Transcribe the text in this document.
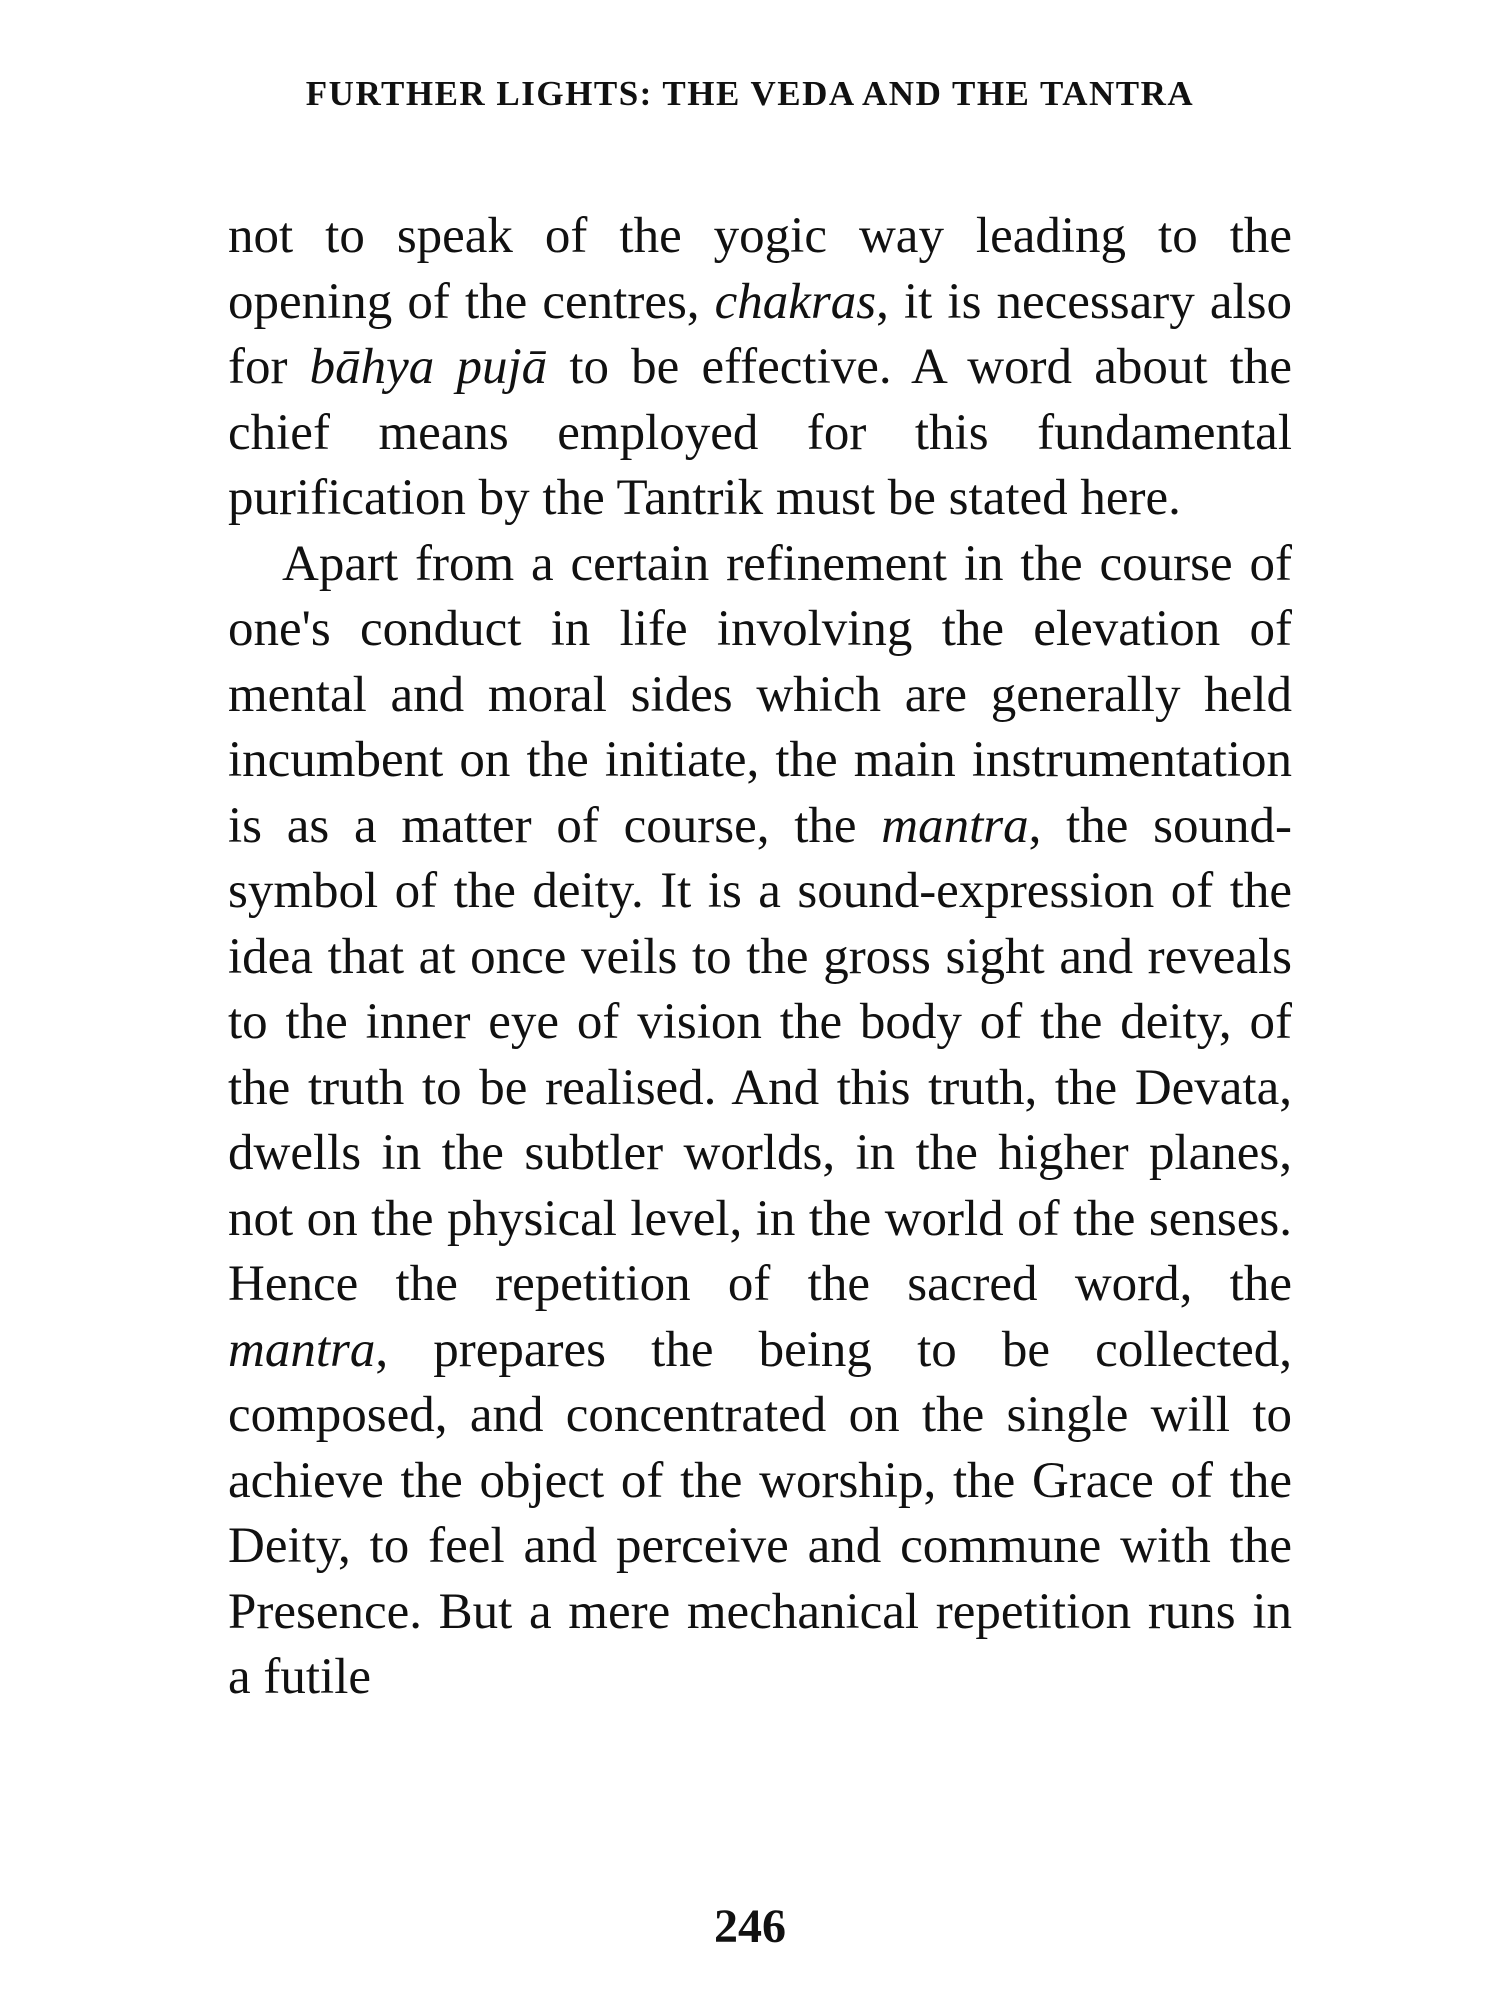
FURTHER LIGHTS: THE VEDA AND THE TANTRA

not to speak of the yogic way leading to the opening of the centres, chakras, it is necessary also for bāhya pujā to be effective. A word about the chief means employed for this fundamental purification by the Tantrik must be stated here.

Apart from a certain refinement in the course of one's conduct in life involving the elevation of mental and moral sides which are generally held incumbent on the initiate, the main instrumentation is as a matter of course, the mantra, the sound-symbol of the deity. It is a sound-expression of the idea that at once veils to the gross sight and reveals to the inner eye of vision the body of the deity, of the truth to be realised. And this truth, the Devata, dwells in the subtler worlds, in the higher planes, not on the physical level, in the world of the senses. Hence the repetition of the sacred word, the mantra, prepares the being to be collected, composed, and concentrated on the single will to achieve the object of the worship, the Grace of the Deity, to feel and perceive and commune with the Presence. But a mere mechanical repetition runs in a futile

246
